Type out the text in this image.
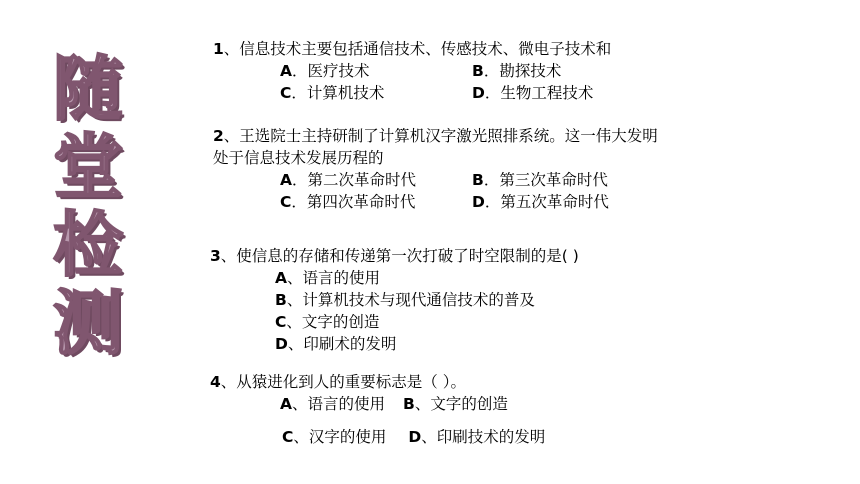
随
堂
检
测
1、信息技术主要包括通信技术、传感技术、微电子技术和
A．医疗技术	B．勘探技术
C．计算机技术	D．生物工程技术
2、王选院士主持研制了计算机汉字激光照排系统。这一伟大发明
处于信息技术发展历程的
A．第二次革命时代	B．第三次革命时代
C．第四次革命时代	D．第五次革命时代
3、使信息的存储和传递第一次打破了时空限制的是( )
A、语言的使用
B、计算机技术与现代通信技术的普及
C、文字的创造
D、印刷术的发明
4、从猿进化到人的重要标志是（ ）。
A、语言的使用 B、文字的创造
C、汉字的使用 D、印刷技术的发明
